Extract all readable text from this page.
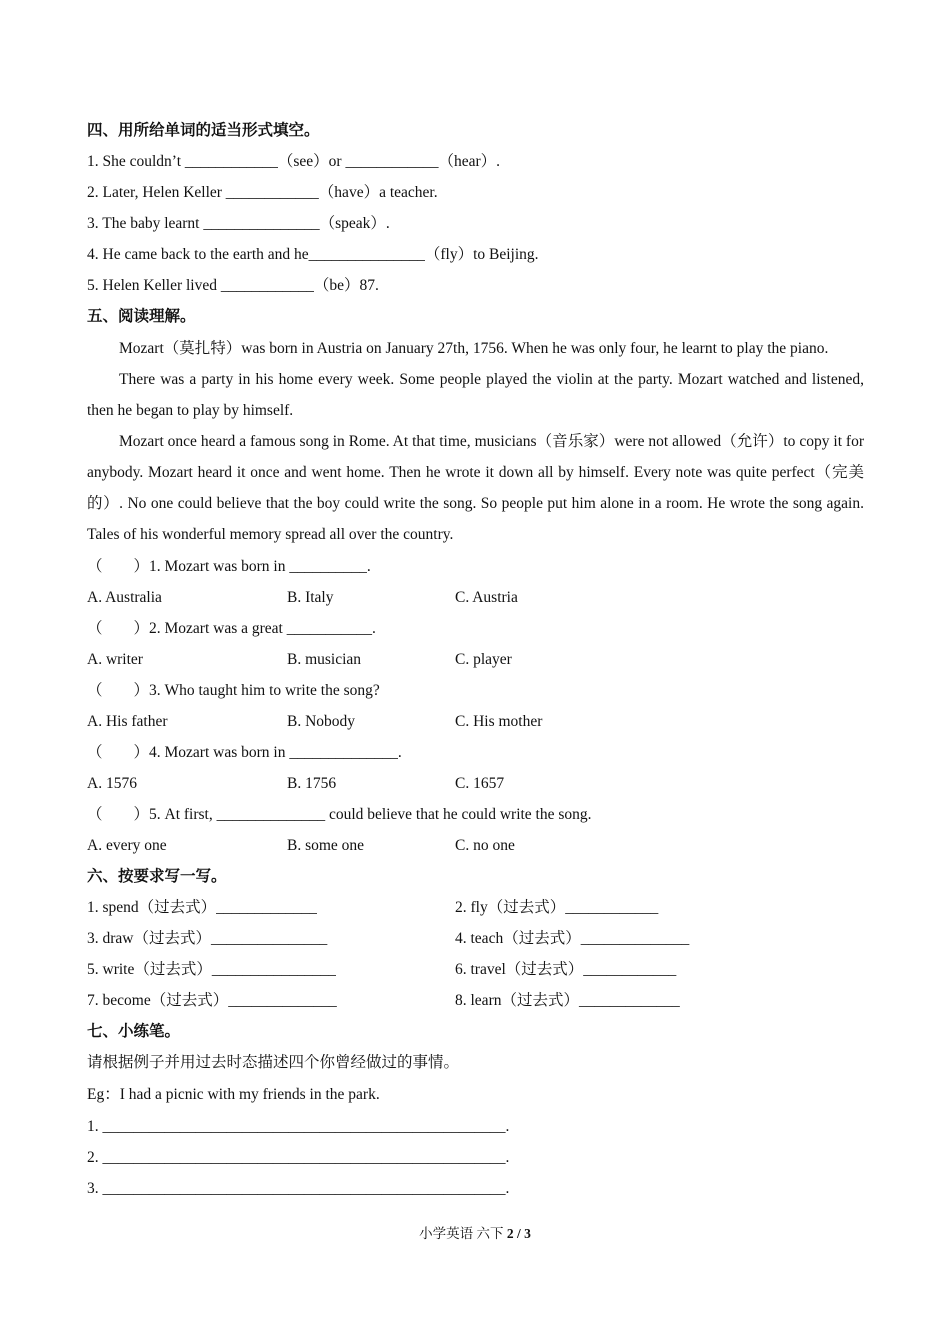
四、用所给单词的适当形式填空。
1. She couldn’t ____________（see）or ____________（hear）.
2. Later, Helen Keller ____________（have）a teacher.
3. The baby learnt _______________（speak）.
4. He came back to the earth and he_______________（fly）to Beijing.
5. Helen Keller lived ____________（be）87.
五、阅读理解。

Mozart（莫扎特）was born in Austria on January 27th, 1756. When he was only four, he learnt to play the piano.

There was a party in his home every week. Some people played the violin at the party. Mozart watched and listened, then he began to play by himself.

Mozart once heard a famous song in Rome. At that time, musicians（音乐家）were not allowed（允许）to copy it for anybody. Mozart heard it once and went home. Then he wrote it down all by himself. Every note was quite perfect（完美的）. No one could believe that the boy could write the song. So people put him alone in a room. He wrote the song again. Tales of his wonderful memory spread all over the country.

（　　）1. Mozart was born in __________.
A. Australia	B. Italy	C. Austria
（　　）2. Mozart was a great ___________.
A. writer	B. musician	C. player
（　　）3. Who taught him to write the song?
A. His father	B. Nobody	C. His mother
（　　）4. Mozart was born in ______________.
A. 1576	B. 1756	C. 1657
（　　）5. At first, ______________ could believe that he could write the song.
A. every one	B. some one	C. no one
六、按要求写一写。
1. spend（过去式）_____________	2. fly（过去式）____________
3. draw（过去式）_______________	4. teach（过去式）______________
5. write（过去式）________________	6. travel（过去式）____________
7. become（过去式）______________	8. learn（过去式）_____________
七、小练笔。
请根据例子并用过去时态描述四个你曾经做过的事情。
Eg：I had a picnic with my friends in the park.
1. ____________________________________________________.
2. ____________________________________________________.
3. ____________________________________________________.
小学英语 六下 2 / 3
